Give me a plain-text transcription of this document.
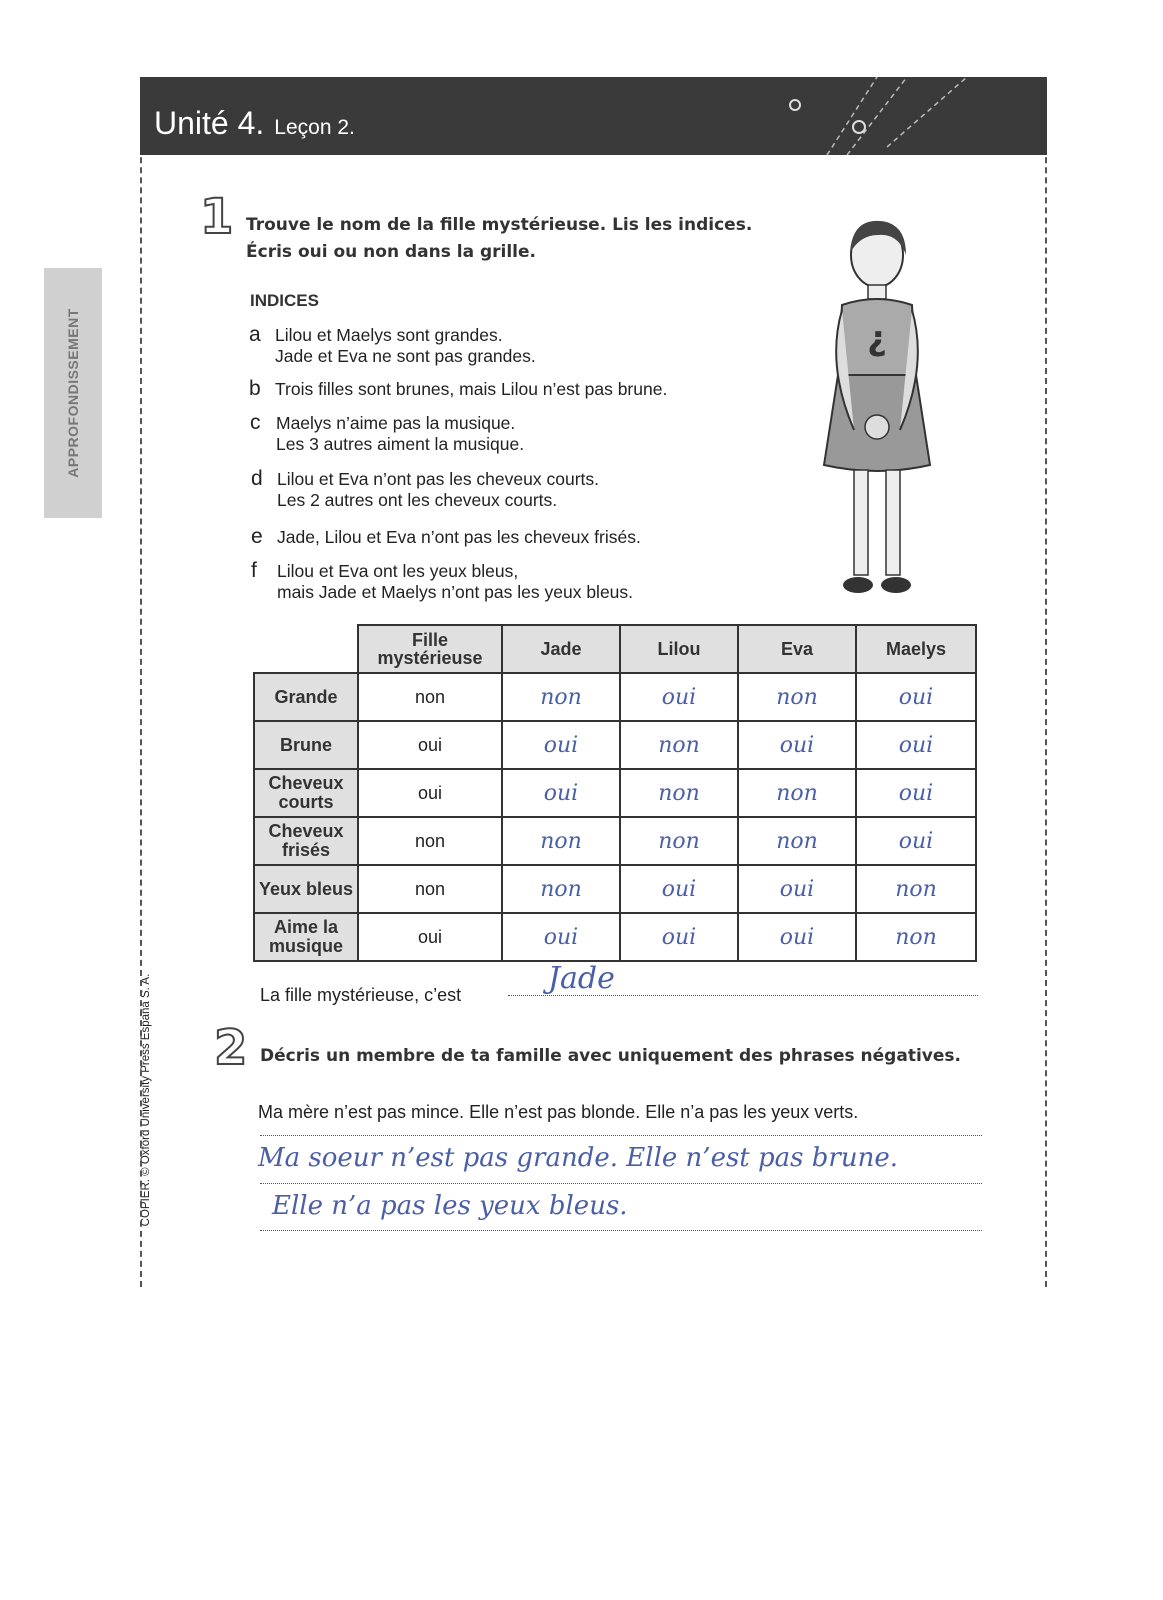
APPROFONDISSEMENT
COPIER. © Oxford University Press España S. A.
Unité 4. Leçon 2.
1 Trouve le nom de la fille mystérieuse. Lis les indices.
Écris oui ou non dans la grille.
INDICES
a Lilou et Maelys sont grandes.
Jade et Eva ne sont pas grandes.
b Trois filles sont brunes, mais Lilou n’est pas brune.
c Maelys n’aime pas la musique.
Les 3 autres aiment la musique.
d Lilou et Eva n’ont pas les cheveux courts.
Les 2 autres ont les cheveux courts.
e Jade, Lilou et Eva n’ont pas les cheveux frisés.
f Lilou et Eva ont les yeux bleus,
mais Jade et Maelys n’ont pas les yeux bleus.
¿
La fille mystérieuse, c’est	Jade
2 Décris un membre de ta famille avec uniquement des phrases négatives.
Ma soeur n’est pas grande. Elle n’est pas brune.
Elle n’a pas les yeux bleus.
Ma mère n’est pas mince. Elle n’est pas blonde. Elle n’a pas les yeux verts.
	Fille mystérieuse	Jade	Lilou	Eva	Maelys
Grande	non	non	oui	non	oui
Brune	oui	oui	non	oui	oui
Cheveux courts	oui	oui	non	non	oui
Cheveux frisés	non	non	non	non	oui
Yeux bleus	non	non	oui	oui	non
Aime la musique	oui	oui	oui	oui	non
